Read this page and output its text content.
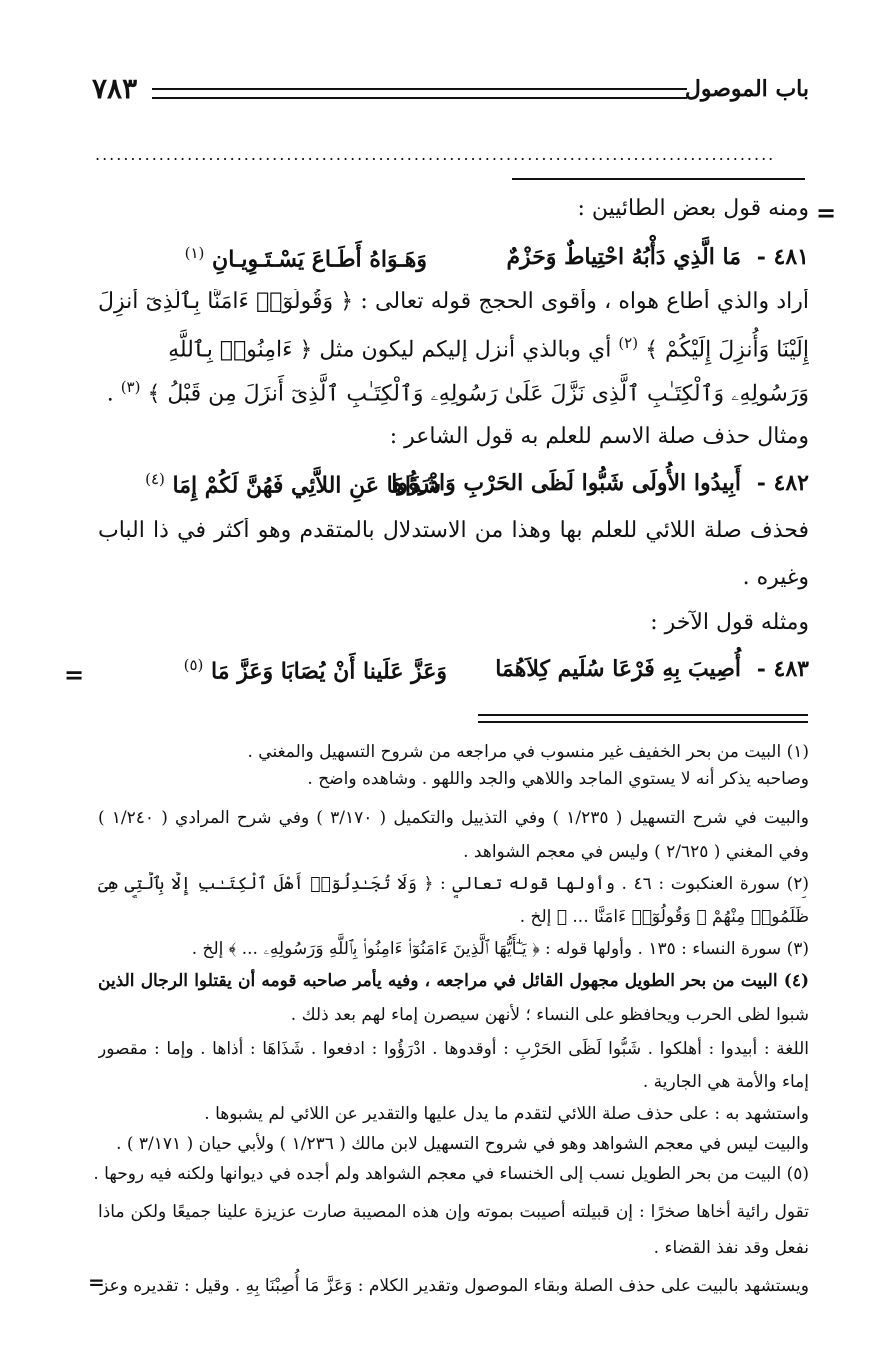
باب الموصول
٧٨٣
................................................................................................
=
ومنه قول بعض الطائيين :
٤٨١ -
مَا الَّذِي دَأْبُهُ احْتِياطٌ وَحَزْمٌ
وَهَـوَاهُ أَطَـاعَ يَسْـتَـوِيـانِ $^{(١)}$
أراد والذي أطاع هواه ، وأقوى الحجج قوله تعالى : ﴿ وَقُولُوٓا۟ ءَامَنَّا بِٱلَّذِىٓ أُنزِلَ
إِلَيْنَا وَأُنزِلَ إِلَيْكُمْ ﴾ $^{(٢)}$ أي وبالذي أنزل إليكم ليكون مثل ﴿ ءَامِنُوا۟ بِٱللَّهِ
وَرَسُولِهِۦ وَٱلْكِتَـٰبِ ٱلَّذِى نَزَّلَ عَلَىٰ رَسُولِهِۦ وَٱلْكِتَـٰبِ ٱلَّذِىٓ أَنزَلَ مِن قَبْلُ ﴾ $^{(٣)}$ .
ومثال حذف صلة الاسم للعلم به قول الشاعر :
٤٨٢ -
أَبِيدُوا الأُولَى شَبُّوا لَظَى الحَرْبِ وَادْرَؤُوا
شَذَاهَا عَنِ اللاَّئِي فَهُنَّ لَكُمْ إِمَا $^{(٤)}$
فحذف صلة اللائي للعلم بها وهذا من الاستدلال بالمتقدم وهو أكثر في ذا الباب
وغيره .
ومثله قول الآخر :
٤٨٣ -
أُصِيبَ بِهِ فَرْعَا سُلَيم كِلاَهُمَا
وَعَزَّ عَلَينا أَنْ يُصَابَا وَعَزَّ مَا $^{(٥)}$
=
(١) البيت من بحر الخفيف غير منسوب في مراجعه من شروح التسهيل والمغني .
وصاحبه يذكر أنه لا يستوي الماجد واللاهي والجد واللهو . وشاهده واضح .
والبيت في شرح التسهيل ( ١/٢٣٥ ) وفي التذييل والتكميل ( ٣/١٧٠ ) وفي شرح المرادي ( ١/٢٤٠ )
وفي المغني ( ٢/٦٢٥ ) وليس في معجم الشواهد .
(٢) سورة العنكبوت : ٤٦ . وأولها قوله تعالى : ﴿ وَلَا تُجَـٰدِلُوٓا۟ أَهْلَ ٱلْكِتَـٰبِ إِلَّا بِٱلَّتِى هِىَ
ظَلَمُوا۟ مِنْهُمْ ۖ وَقُولُوٓا۟ ءَامَنَّا ... ﴾ إلخ .
(٣) سورة النساء : ١٣٥ . وأولها قوله : ﴿ يَـٰٓأَيُّهَا ٱلَّذِينَ ءَامَنُوٓا۟ ءَامِنُوا۟ بِٱللَّهِ وَرَسُولِهِۦ ... ﴾ إلخ .
(٤) البيت من بحر الطويل مجهول القائل في مراجعه ، وفيه يأمر صاحبه قومه أن يقتلوا الرجال الذين
شبوا لظى الحرب ويحافظو على النساء ؛ لأنهن سيصرن إماء لهم بعد ذلك .
اللغة : أبيدوا : أهلكوا . شَبُّوا لَظَى الحَرْبِ : أوقدوها . ادْرَؤُوا : ادفعوا . شَذَاهَا : أذاها . وإما : مقصور
إماء والأمة هي الجارية .
واستشهد به : على حذف صلة اللائي لتقدم ما يدل عليها والتقدير عن اللائي لم يشبوها .
والبيت ليس في معجم الشواهد وهو في شروح التسهيل لابن مالك ( ١/٢٣٦ ) ولأبي حيان ( ٣/١٧١ ) .
(٥) البيت من بحر الطويل نسب إلى الخنساء في معجم الشواهد ولم أجده في ديوانها ولكنه فيه روحها .
تقول رائية أخاها صخرًا : إن قبيلته أصيبت بموته وإن هذه المصيبة صارت عزيزة علينا جميعًا ولكن ماذا
نفعل وقد نفذ القضاء .
ويستشهد بالبيت على حذف الصلة وبقاء الموصول وتقدير الكلام : وَعَزَّ مَا أُصِبْنَا بِهِ . وقيل : تقديره وعز
=
